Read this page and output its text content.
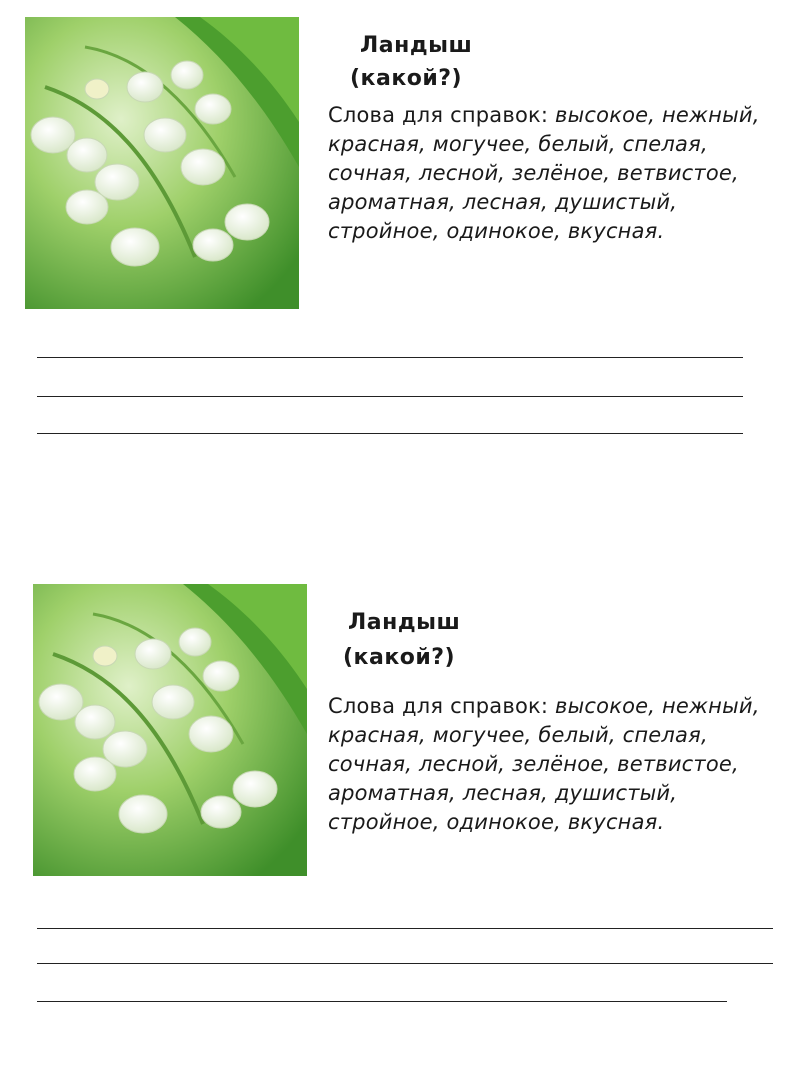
Ландыш
(какой?)
Слова для справок: высокое, нежный, красная, могучее, белый, спелая, сочная, лесной, зелёное, ветвистое, ароматная, лесная, душистый, стройное, одинокое, вкусная.
Ландыш
(какой?)
Слова для справок: высокое, нежный, красная, могучее, белый, спелая, сочная, лесной, зелёное, ветвистое, ароматная, лесная, душистый, стройное, одинокое, вкусная.
